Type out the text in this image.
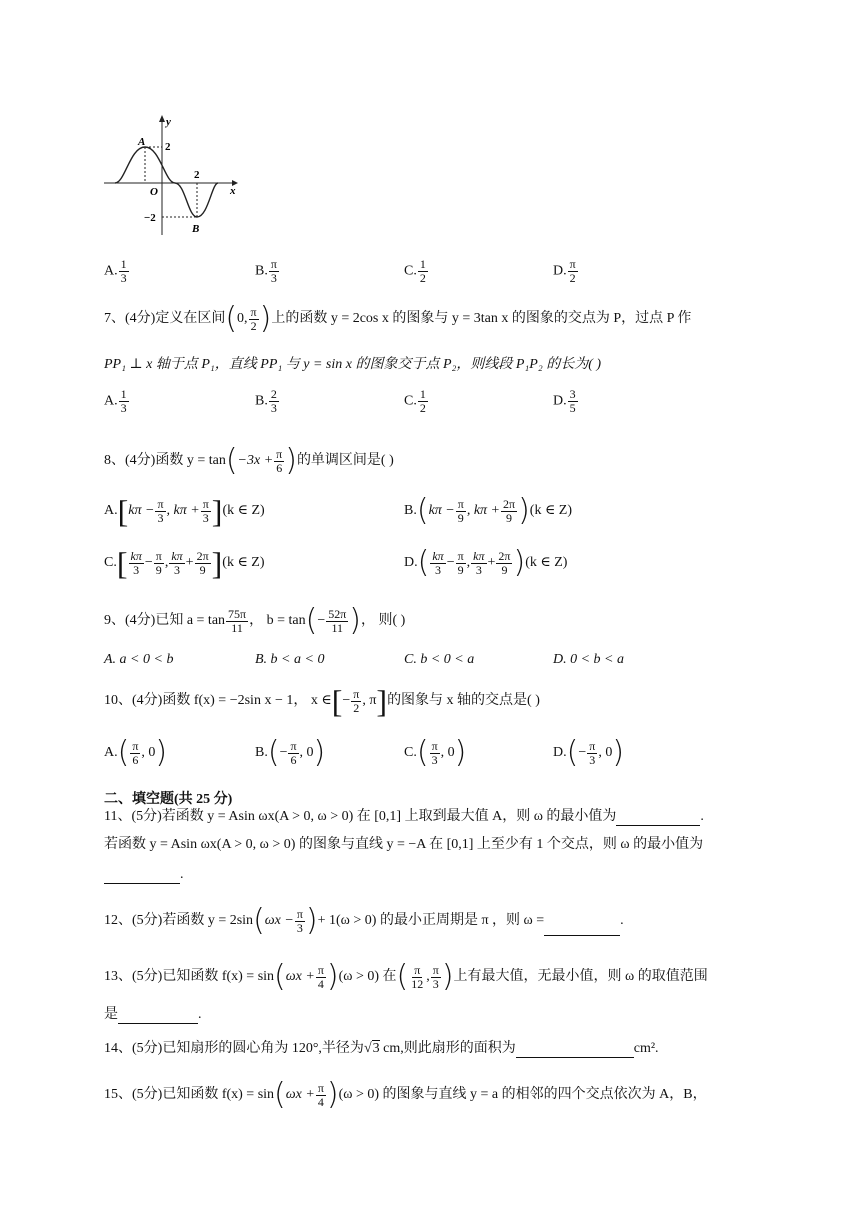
y
x
A
B
O
2
−2
2
A. $\frac{1}{3}$	B. $\frac{\pi}{3}$	C. $\frac{1}{2}$	D. $\frac{\pi}{2}$
7、(4分)定义在区间(0, $\frac{\pi}{2}$ )上的函数 y = 2cos x 的图象与 y = 3tan x 的图象的交点为 P，过点 P 作
PP₁ ⊥ x 轴于点 P₁，直线 PP₁ 与 y = sin x 的图象交于点 P₂，则线段 P₁P₂ 的长为( )
A. $\frac{1}{3}$	B. $\frac{2}{3}$	C. $\frac{1}{2}$	D. $\frac{3}{5}$
8、(4分)函数 $y = \tan(-3x + \frac{\pi}{6}$ )的单调区间是( )
$A.[k\pi - \frac{\pi}{3}$ , $k\pi + \frac{\pi}{3} ](k$ ∈ Z)	$B.(k\pi - \frac{\pi}{9}$ , $k\pi + \frac{2\pi}{9} )(k$ ∈ Z)
$C.[ \frac{k\pi}{3} - \frac{\pi}{9}$ , $\frac{k\pi}{3} + \frac{2\pi}{9} ](k$ ∈ Z)	$D.( \frac{k\pi}{3} - \frac{\pi}{9}$ , $\frac{k\pi}{3} + \frac{2\pi}{9} )(k$ ∈ Z)
9、(4分)已知 $a = \tan \frac{75\pi}{11}$ ， $b = \tan(- \frac{52\pi}{11}$ )， 则( )
A. a < 0 < b	B. b < a < 0	C. b < 0 < a	D. 0 < b < a
10、(4分)函数 f(x) = −2sin x − 1， x ∈[− $\frac{\pi}{2}$ , π]的图象与 x 轴的交点是( )
$A.( \frac{\pi}{6}$ , 0)	$B.(- \frac{\pi}{6}$ , 0)	$C.( \frac{\pi}{3}$ , 0)	$D.(- \frac{\pi}{3}$ , 0)
二、填空题(共 25 分)
11、(5分)若函数 y = Asin ωx(A > 0, ω > 0) 在 [0,1] 上取到最大值 A，则 ω 的最小值为	.
若函数 y = Asin ωx(A > 0, ω > 0) 的图象与直线 y = −A 在 [0,1] 上至少有 1 个交点，则 ω 的最小值为
.
12、(5分)若函数 $y = 2\sin(\omega x - \frac{\pi}{3}$ )+ 1(ω > 0) 的最小正周期是 π ，则 ω =	.
13、(5分)已知函数 $f(x) = \sin(\omega x + \frac{\pi}{4} )(\omega > 0)$ 在( $\frac{\pi}{12}$ , $\frac{\pi}{3}$ )上有最大值，无最小值，则 ω 的取值范围
是	.
14、(5分)已知扇形的圆心角为 120°,半径为√3 cm,则此扇形的面积为	cm².
15、(5分)已知函数 $f(x) = \sin(\omega x + \frac{\pi}{4} )(\omega > 0)$ 的图象与直线 y = a 的相邻的四个交点依次为 A，B，
